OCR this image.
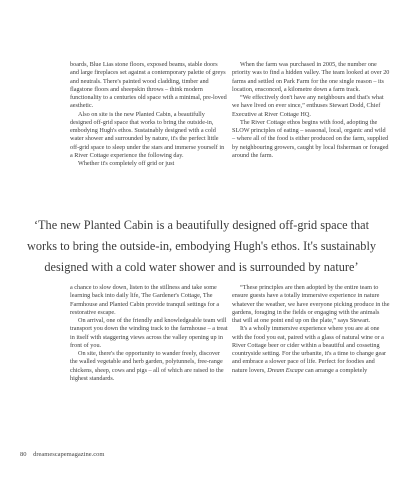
boards, Blue Lias stone floors, exposed beams, stable doors and large fireplaces set against a contemporary palette of greys and neutrals. There's painted wood cladding, timber and flagstone floors and sheepskin throws – think modern functionality to a centuries old space with a minimal, pre-loved aesthetic.

Also on site is the new Planted Cabin, a beautifully designed off-grid space that works to bring the outside-in, embodying Hugh's ethos. Sustainably designed with a cold water shower and surrounded by nature, it's the perfect little off-grid space to sleep under the stars and immerse yourself in a River Cottage experience the following day.

Whether it's completely off grid or just

When the farm was purchased in 2005, the number one priority was to find a hidden valley. The team looked at over 20 farms and settled on Park Farm for the one single reason – its location, ensconced, a kilometre down a farm track.

“We effectively don't have any neighbours and that's what we have lived on ever since,” enthuses Stewart Dodd, Chief Executive at River Cottage HQ.

The River Cottage ethos begins with food, adopting the SLOW principles of eating – seasonal, local, organic and wild – where all of the food is either produced on the farm, supplied by neighbouring growers, caught by local fisherman or foraged around the farm.

‘The new Planted Cabin is a beautifully designed off-grid space that works to bring the outside-in, embodying Hugh's ethos. It's sustainably designed with a cold water shower and is surrounded by nature’

a chance to slow down, listen to the stillness and take some learning back into daily life, The Gardener's Cottage, The Farmhouse and Planted Cabin provide tranquil settings for a restorative escape.

On arrival, one of the friendly and knowledgeable team will transport you down the winding track to the farmhouse – a treat in itself with staggering views across the valley opening up in front of you.

On site, there's the opportunity to wander freely, discover the walled vegetable and herb garden, polytunnels, free-range chickens, sheep, cows and pigs – all of which are raised to the highest standards.

“These principles are then adopted by the entire team to ensure guests have a totally immersive experience in nature whatever the weather, we have everyone picking produce in the gardens, foraging in the fields or engaging with the animals that will at one point end up on the plate,” says Stewart.

It's a wholly immersive experience where you are at one with the food you eat, paired with a glass of natural wine or a River Cottage beer or cider within a beautiful and cosseting countryside setting. For the urbanite, it's a time to change gear and embrace a slower pace of life. Perfect for foodies and nature lovers, Dream Escape can arrange a completely

80 dreamescapemagazine.com
